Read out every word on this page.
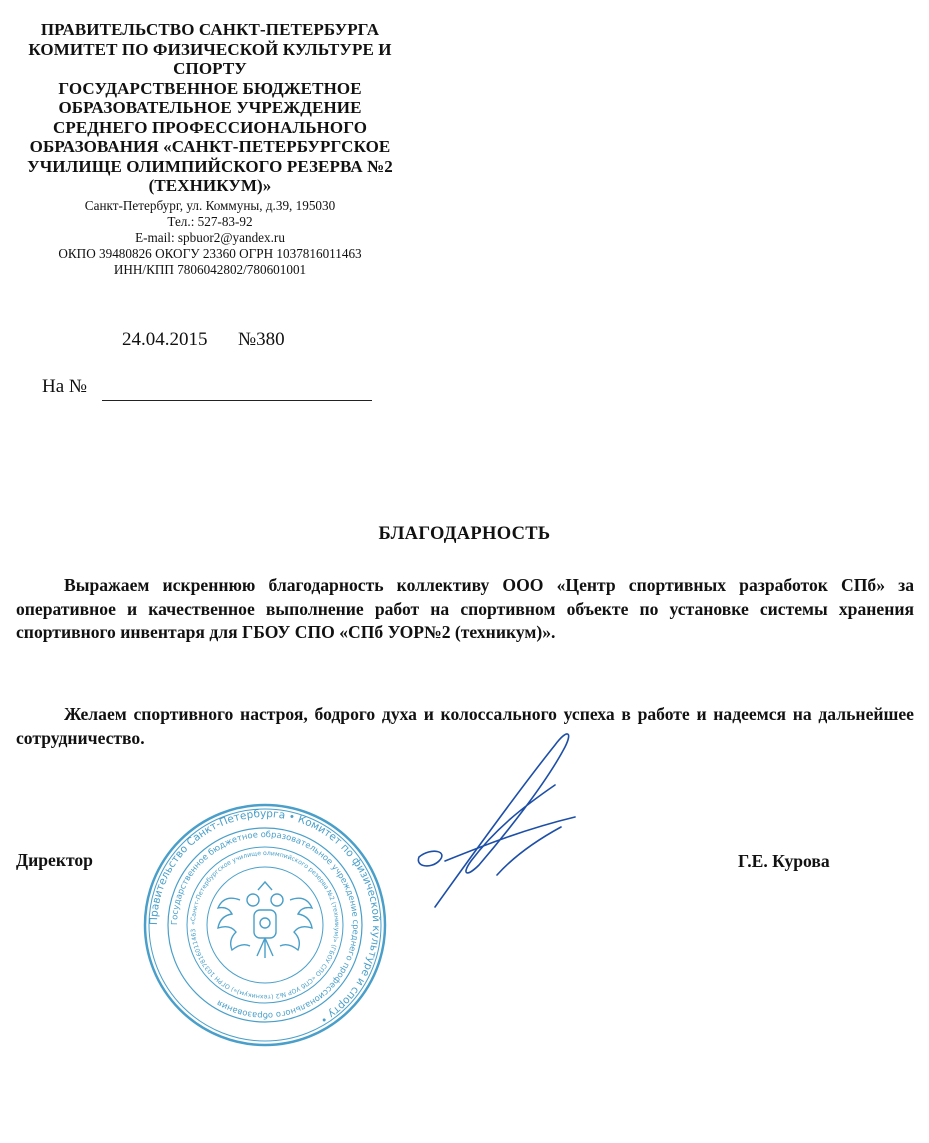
ПРАВИТЕЛЬСТВО САНКТ-ПЕТЕРБУРГА

КОМИТЕТ ПО ФИЗИЧЕСКОЙ КУЛЬТУРЕ И

СПОРТУ

ГОСУДАРСТВЕННОЕ БЮДЖЕТНОЕ

ОБРАЗОВАТЕЛЬНОЕ УЧРЕЖДЕНИЕ

СРЕДНЕГО ПРОФЕССИОНАЛЬНОГО

ОБРАЗОВАНИЯ «САНКТ-ПЕТЕРБУРГСКОЕ

УЧИЛИЩЕ ОЛИМПИЙСКОГО РЕЗЕРВА №2

(ТЕХНИКУМ)»

Санкт-Петербург, ул. Коммуны, д.39, 195030

Тел.: 527-83-92

E-mail: spbuor2@yandex.ru

ОКПО 39480826 ОКОГУ 23360 ОГРН 1037816011463

ИНН/КПП 7806042802/780601001

24.04.2015 №380
На №
БЛАГОДАРНОСТЬ

Выражаем искреннюю благодарность коллективу ООО «Центр спортивных разработок СПб» за оперативное и качественное выполнение работ на спортивном объекте по установке системы хранения спортивного инвентаря для ГБОУ СПО «СПб УОР№2 (техникум)».

Желаем спортивного настроя, бодрого духа и колоссального успеха в работе и надеемся на дальнейшее сотрудничество.

Директор	Г.Е. Курова
Правительство Санкт-Петербурга • Комитет по физической культуре и спорту •
Государственное бюджетное образовательное учреждение среднего профессионального образования
«Санкт-Петербургское училище олимпийского резерва №2 (техникум)» (ГБОУ СПО «СПб УОР №2 (техникум)») ОГРН 1037816011463
